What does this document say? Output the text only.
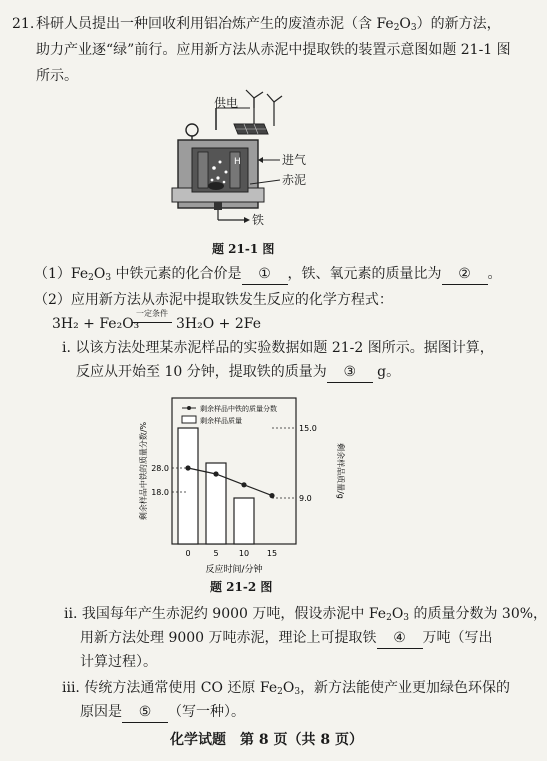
21. 科研人员提出一种回收利用铝冶炼产生的废渣赤泥（含 $Fe_2O_3$）的新方法，
助力产业逐“绿”前行。应用新方法从赤泥中提取铁的装置示意图如题 21-1 图
所示。
H
供电
进气
赤泥
铁
题 21-1 图
$(1)Fe_2O_3$ 中铁元素的化合价是 ① ，铁、氧元素的质量比为 ② 。
（2）应用新方法从赤泥中提取铁发生反应的化学方程式：
3H₂ + Fe₂O₃
一定条件
3H₂O + 2Fe
i. 以该方法处理某赤泥样品的实验数据如题 21-2 图所示。据图计算，
反应从开始至 10 分钟，提取铁的质量为 ③ g。
28.0
18.0
15.0
9.0
0	5	10 15
反应时间/分钟
剩余样品中铁的质量分数
剩余样品质量
剩余样品中铁的质量分数/%	剩余样品质量/g
题 21-2 图
ii. 我国每年产生赤泥约 9000 万吨，假设赤泥中 $Fe_2O_3$ 的质量分数为 30%，
用新方法处理 9000 万吨赤泥，理论上可提取铁 ④ 万吨（写出
计算过程）。
iii. 传统方法通常使用 CO 还原 $Fe_2O_3$，新方法能使产业更加绿色环保的
原因是 ⑤ （写一种）。
化学试题　第 8 页（共 8 页）
